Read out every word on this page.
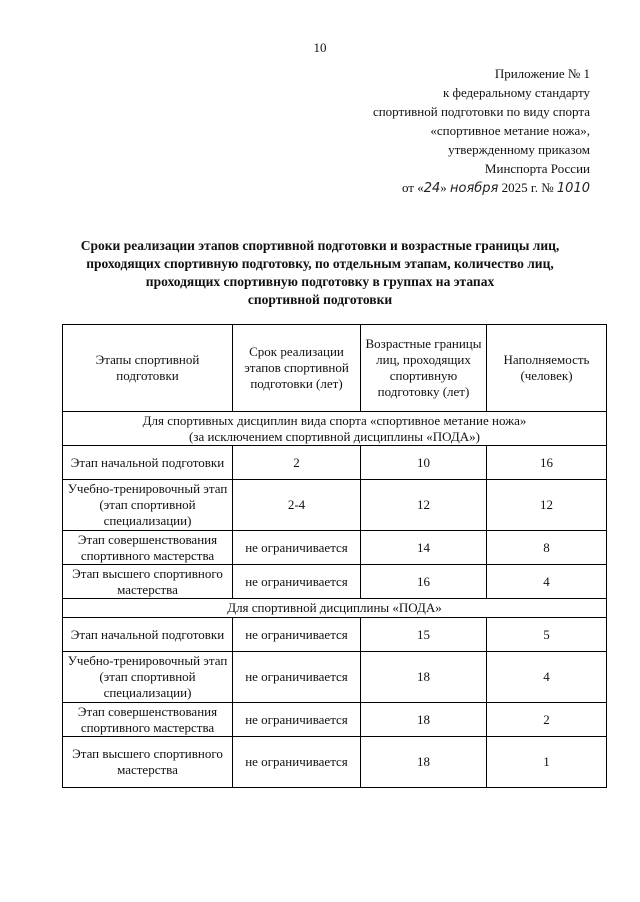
10
Приложение № 1
к федеральному стандарту
спортивной подготовки по виду спорта
«спортивное метание ножа»,
утвержденному приказом
Минспорта России
от «24» ноября 2025 г. № 1010
Сроки реализации этапов спортивной подготовки и возрастные границы лиц,
проходящих спортивную подготовку, по отдельным этапам, количество лиц,
проходящих спортивную подготовку в группах на этапах
спортивной подготовки
Этапы спортивной подготовки	Срок реализации этапов спортивной подготовки (лет)	Возрастные границы лиц, проходящих спортивную подготовку (лет)	Наполняемость (человек)

Для спортивных дисциплин вида спорта «спортивное метание ножа»
(за исключением спортивной дисциплины «ПОДА»)			

Этап начальной подготовки	2	10	16
Учебно-тренировочный этап (этап спортивной специализации)	2-4	12	12
Этап совершенствования спортивного мастерства	не ограничивается	14	8
Этап высшего спортивного мастерства	не ограничивается	16	4
Для спортивной дисциплины «ПОДА»			
Этап начальной подготовки	не ограничивается	15	5
Учебно-тренировочный этап (этап спортивной специализации)	не ограничивается	18	4
Этап совершенствования спортивного мастерства	не ограничивается	18	2
Этап высшего спортивного мастерства	не ограничивается	18	1
